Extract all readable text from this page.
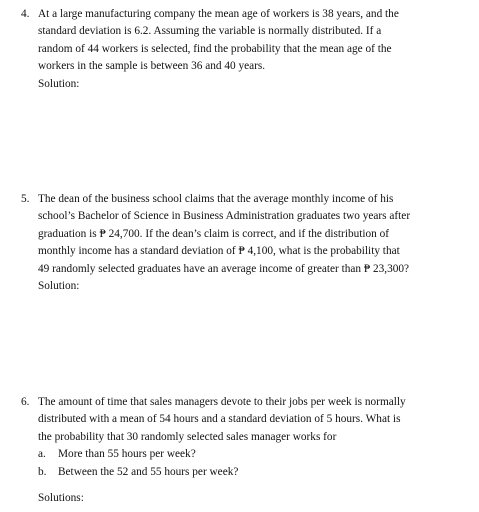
4. At a large manufacturing company the mean age of workers is 38 years, and the
standard deviation is 6.2. Assuming the variable is normally distributed. If a
random of 44 workers is selected, find the probability that the mean age of the
workers in the sample is between 36 and 40 years.
Solution:
5. The dean of the business school claims that the average monthly income of his
school’s Bachelor of Science in Business Administration graduates two years after
graduation is ₱ 24,700. If the dean’s claim is correct, and if the distribution of
monthly income has a standard deviation of ₱ 4,100, what is the probability that
49 randomly selected graduates have an average income of greater than ₱ 23,300?
Solution:
6. The amount of time that sales managers devote to their jobs per week is normally
distributed with a mean of 54 hours and a standard deviation of 5 hours. What is
the probability that 30 randomly selected sales manager works for
a. More than 55 hours per week?
b. Between the 52 and 55 hours per week?
Solutions:
